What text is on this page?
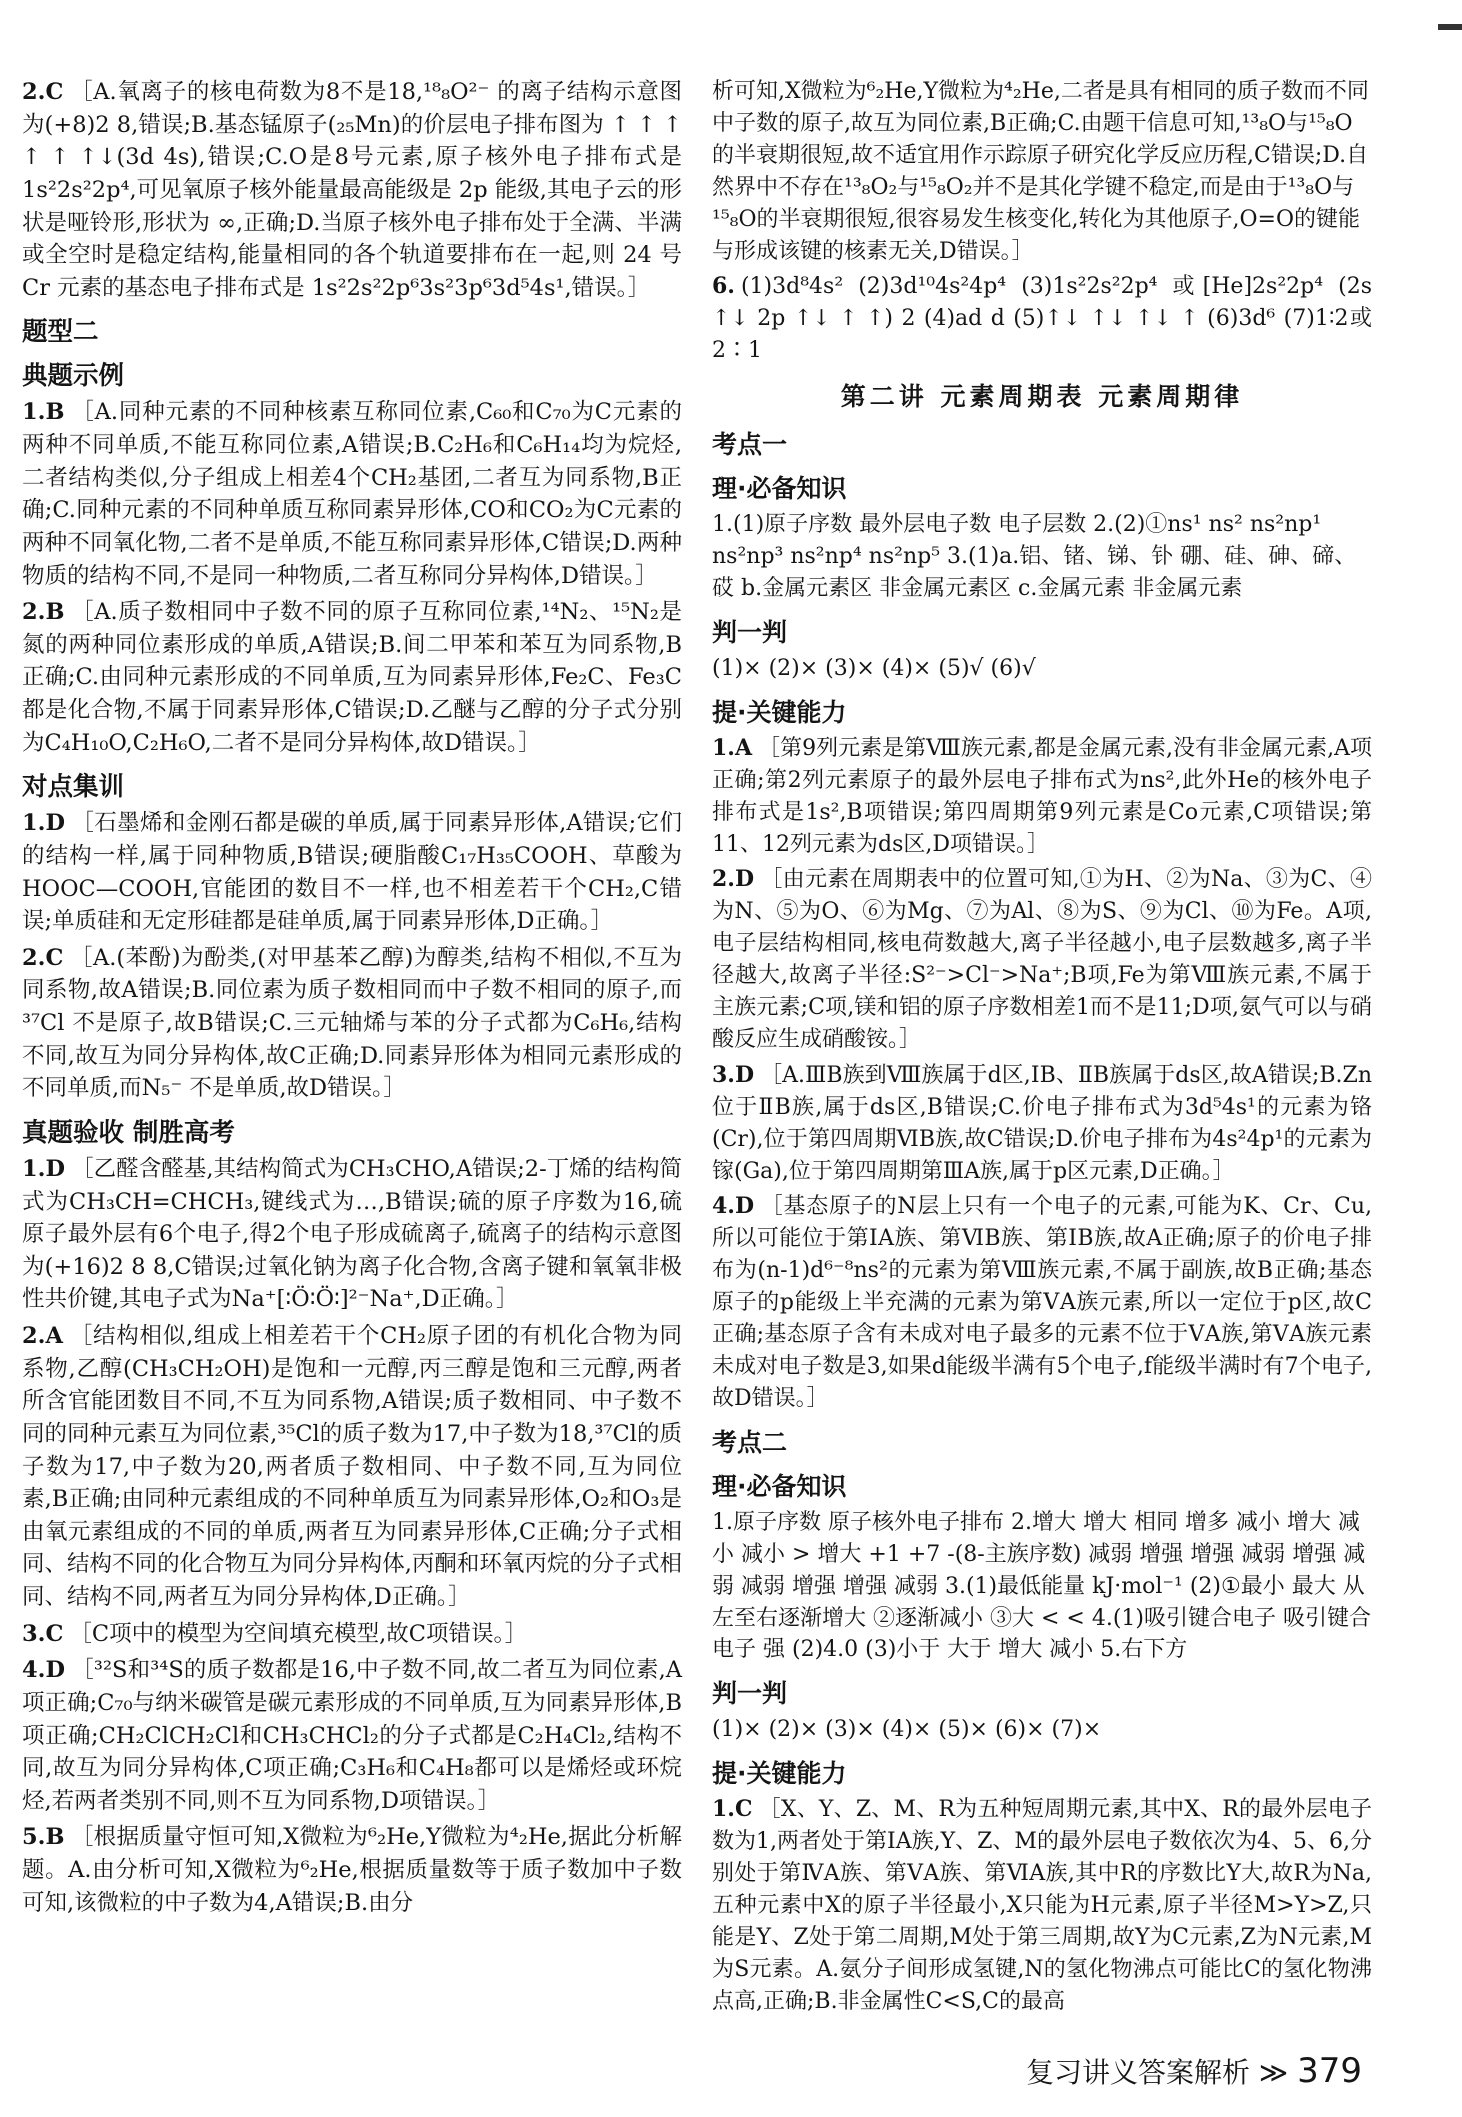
2.C ［A.氧离子的核电荷数为8不是18,¹⁸₈O²⁻ 的离子结构示意图为(+8)2 8,错误;B.基态锰原子(₂₅Mn)的价层电子排布图为 ↑ ↑ ↑ ↑ ↑ ↑↓(3d 4s),错误;C.O是8号元素,原子核外电子排布式是 1s²2s²2p⁴,可见氧原子核外能量最高能级是 2p 能级,其电子云的形状是哑铃形,形状为 ∞,正确;D.当原子核外电子排布处于全满、半满或全空时是稳定结构,能量相同的各个轨道要排布在一起,则 24 号 Cr 元素的基态电子排布式是 1s²2s²2p⁶3s²3p⁶3d⁵4s¹,错误。］

题型二
典题示例

1.B ［A.同种元素的不同种核素互称同位素,C₆₀和C₇₀为C元素的两种不同单质,不能互称同位素,A错误;B.C₂H₆和C₆H₁₄均为烷烃,二者结构类似,分子组成上相差4个CH₂基团,二者互为同系物,B正确;C.同种元素的不同种单质互称同素异形体,CO和CO₂为C元素的两种不同氧化物,二者不是单质,不能互称同素异形体,C错误;D.两种物质的结构不同,不是同一种物质,二者互称同分异构体,D错误。］

2.B ［A.质子数相同中子数不同的原子互称同位素,¹⁴N₂、¹⁵N₂是氮的两种同位素形成的单质,A错误;B.间二甲苯和苯互为同系物,B正确;C.由同种元素形成的不同单质,互为同素异形体,Fe₂C、Fe₃C都是化合物,不属于同素异形体,C错误;D.乙醚与乙醇的分子式分别为C₄H₁₀O,C₂H₆O,二者不是同分异构体,故D错误。］

对点集训

1.D ［石墨烯和金刚石都是碳的单质,属于同素异形体,A错误;它们的结构一样,属于同种物质,B错误;硬脂酸C₁₇H₃₅COOH、草酸为HOOC—COOH,官能团的数目不一样,也不相差若干个CH₂,C错误;单质硅和无定形硅都是硅单质,属于同素异形体,D正确。］

2.C ［A.(苯酚)为酚类,(对甲基苯乙醇)为醇类,结构不相似,不互为同系物,故A错误;B.同位素为质子数相同而中子数不相同的原子,而³⁷Cl 不是原子,故B错误;C.三元轴烯与苯的分子式都为C₆H₆,结构不同,故互为同分异构体,故C正确;D.同素异形体为相同元素形成的不同单质,而N₅⁻ 不是单质,故D错误。］

真题验收 制胜高考

1.D ［乙醛含醛基,其结构简式为CH₃CHO,A错误;2-丁烯的结构简式为CH₃CH=CHCH₃,键线式为…,B错误;硫的原子序数为16,硫原子最外层有6个电子,得2个电子形成硫离子,硫离子的结构示意图为(+16)2 8 8,C错误;过氧化钠为离子化合物,含离子键和氧氧非极性共价键,其电子式为Na⁺[∶Ö∶Ö∶]²⁻Na⁺,D正确。］

2.A ［结构相似,组成上相差若干个CH₂原子团的有机化合物为同系物,乙醇(CH₃CH₂OH)是饱和一元醇,丙三醇是饱和三元醇,两者所含官能团数目不同,不互为同系物,A错误;质子数相同、中子数不同的同种元素互为同位素,³⁵Cl的质子数为17,中子数为18,³⁷Cl的质子数为17,中子数为20,两者质子数相同、中子数不同,互为同位素,B正确;由同种元素组成的不同种单质互为同素异形体,O₂和O₃是由氧元素组成的不同的单质,两者互为同素异形体,C正确;分子式相同、结构不同的化合物互为同分异构体,丙酮和环氧丙烷的分子式相同、结构不同,两者互为同分异构体,D正确。］

3.C ［C项中的模型为空间填充模型,故C项错误。］

4.D ［³²S和³⁴S的质子数都是16,中子数不同,故二者互为同位素,A项正确;C₇₀与纳米碳管是碳元素形成的不同单质,互为同素异形体,B项正确;CH₂ClCH₂Cl和CH₃CHCl₂的分子式都是C₂H₄Cl₂,结构不同,故互为同分异构体,C项正确;C₃H₆和C₄H₈都可以是烯烃或环烷烃,若两者类别不同,则不互为同系物,D项错误。］

5.B ［根据质量守恒可知,X微粒为⁶₂He,Y微粒为⁴₂He,据此分析解题。A.由分析可知,X微粒为⁶₂He,根据质量数等于质子数加中子数可知,该微粒的中子数为4,A错误;B.由分

析可知,X微粒为⁶₂He,Y微粒为⁴₂He,二者是具有相同的质子数而不同中子数的原子,故互为同位素,B正确;C.由题干信息可知,¹³₈O与¹⁵₈O的半衰期很短,故不适宜用作示踪原子研究化学反应历程,C错误;D.自然界中不存在¹³₈O₂与¹⁵₈O₂并不是其化学键不稳定,而是由于¹³₈O与¹⁵₈O的半衰期很短,很容易发生核变化,转化为其他原子,O=O的键能与形成该键的核素无关,D错误。］

6. (1)3d⁸4s² (2)3d¹⁰4s²4p⁴ (3)1s²2s²2p⁴ 或[He]2s²2p⁴ (2s ↑↓ 2p ↑↓ ↑ ↑) 2 (4)ad d (5)↑↓ ↑↓ ↑↓ ↑ (6)3d⁶ (7)1∶2或2∶1

第二讲 元素周期表 元素周期律
考点一
理·必备知识

1.(1)原子序数 最外层电子数 电子层数 2.(2)①ns¹ ns² ns²np¹ ns²np³ ns²np⁴ ns²np⁵ 3.(1)a.铝、锗、锑、钋 硼、硅、砷、碲、砹 b.金属元素区 非金属元素区 c.金属元素 非金属元素

判一判

(1)× (2)× (3)× (4)× (5)√ (6)√

提·关键能力

1.A ［第9列元素是第Ⅷ族元素,都是金属元素,没有非金属元素,A项正确;第2列元素原子的最外层电子排布式为ns²,此外He的核外电子排布式是1s²,B项错误;第四周期第9列元素是Co元素,C项错误;第11、12列元素为ds区,D项错误。］

2.D ［由元素在周期表中的位置可知,①为H、②为Na、③为C、④为N、⑤为O、⑥为Mg、⑦为Al、⑧为S、⑨为Cl、⑩为Fe。A项,电子层结构相同,核电荷数越大,离子半径越小,电子层数越多,离子半径越大,故离子半径:S²⁻>Cl⁻>Na⁺;B项,Fe为第Ⅷ族元素,不属于主族元素;C项,镁和铝的原子序数相差1而不是11;D项,氨气可以与硝酸反应生成硝酸铵。］

3.D ［A.ⅢB族到Ⅷ族属于d区,ⅠB、ⅡB族属于ds区,故A错误;B.Zn位于ⅡB族,属于ds区,B错误;C.价电子排布式为3d⁵4s¹的元素为铬(Cr),位于第四周期ⅥB族,故C错误;D.价电子排布为4s²4p¹的元素为镓(Ga),位于第四周期第ⅢA族,属于p区元素,D正确。］

4.D ［基态原子的N层上只有一个电子的元素,可能为K、Cr、Cu,所以可能位于第ⅠA族、第ⅥB族、第ⅠB族,故A正确;原子的价电子排布为(n-1)d⁶⁻⁸ns²的元素为第Ⅷ族元素,不属于副族,故B正确;基态原子的p能级上半充满的元素为第ⅤA族元素,所以一定位于p区,故C正确;基态原子含有未成对电子最多的元素不位于ⅤA族,第ⅤA族元素未成对电子数是3,如果d能级半满有5个电子,f能级半满时有7个电子,故D错误。］

考点二
理·必备知识

1.原子序数 原子核外电子排布 2.增大 增大 相同 增多 减小 增大 减小 减小 > 增大 +1 +7 -(8-主族序数) 减弱 增强 增强 减弱 增强 减弱 减弱 增强 增强 减弱 3.(1)最低能量 kJ·mol⁻¹ (2)①最小 最大 从左至右逐渐增大 ②逐渐减小 ③大 < < 4.(1)吸引键合电子 吸引键合电子 强 (2)4.0 (3)小于 大于 增大 减小 5.右下方

判一判

(1)× (2)× (3)× (4)× (5)× (6)× (7)×

提·关键能力

1.C ［X、Y、Z、M、R为五种短周期元素,其中X、R的最外层电子数为1,两者处于第ⅠA族,Y、Z、M的最外层电子数依次为4、5、6,分别处于第ⅣA族、第ⅤA族、第ⅥA族,其中R的序数比Y大,故R为Na,五种元素中X的原子半径最小,X只能为H元素,原子半径M>Y>Z,只能是Y、Z处于第二周期,M处于第三周期,故Y为C元素,Z为N元素,M为S元素。A.氨分子间形成氢键,N的氢化物沸点可能比C的氢化物沸点高,正确;B.非金属性C<S,C的最高

复习讲义答案解析 ≫ 379
